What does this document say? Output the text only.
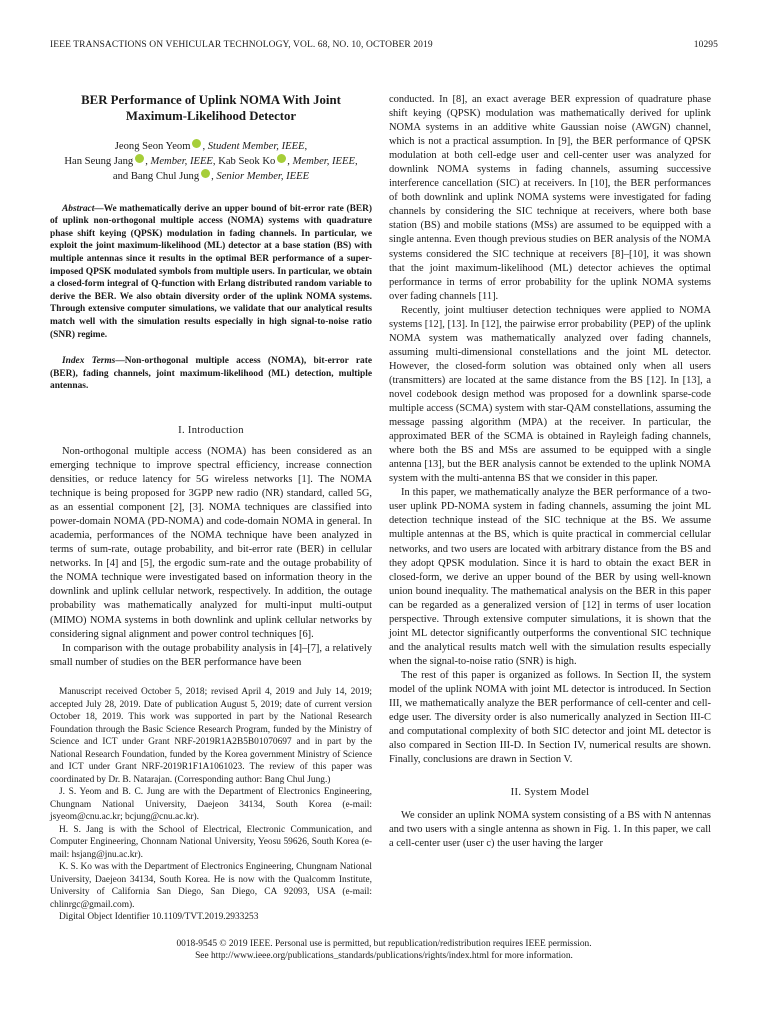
IEEE TRANSACTIONS ON VEHICULAR TECHNOLOGY, VOL. 68, NO. 10, OCTOBER 2019	10295
BER Performance of Uplink NOMA With Joint Maximum-Likelihood Detector
Jeong Seon Yeom , Student Member, IEEE,
Han Seung Jang , Member, IEEE, Kab Seok Ko , Member, IEEE,
and Bang Chul Jung , Senior Member, IEEE
Abstract—We mathematically derive an upper bound of bit-error rate (BER) of uplink non-orthogonal multiple access (NOMA) systems with quadrature phase shift keying (QPSK) modulation in fading channels. In particular, we exploit the joint maximum-likelihood (ML) detector at a base station (BS) with multiple antennas since it results in the optimal BER performance of a super-imposed QPSK modulated symbols from multiple users. In particular, we obtain a closed-form integral of Q-function with Erlang distributed random variable to derive the BER. We also obtain diversity order of the uplink NOMA systems. Through extensive computer simulations, we validate that our analytical results match well with the simulation results especially in high signal-to-noise ratio (SNR) regime.
Index Terms—Non-orthogonal multiple access (NOMA), bit-error rate (BER), fading channels, joint maximum-likelihood (ML) detection, multiple antennas.
I. Introduction

Non-orthogonal multiple access (NOMA) has been considered as an emerging technique to improve spectral efficiency, increase connection densities, or reduce latency for 5G wireless networks [1]. The NOMA technique is being proposed for 3GPP new radio (NR) standard, called 5G, as an essential component [2], [3]. NOMA techniques are classified into power-domain NOMA (PD-NOMA) and code-domain NOMA in general. In academia, performances of the NOMA technique have been analyzed in terms of sum-rate, outage probability, and bit-error rate (BER) in cellular networks. In [4] and [5], the ergodic sum-rate and the outage probability of the NOMA technique were investigated based on information theory in the downlink and uplink cellular network, respectively. In addition, the outage probability was mathematically analyzed for multi-input multi-output (MIMO) NOMA systems in both downlink and uplink cellular networks by considering signal alignment and power control techniques [6].

In comparison with the outage probability analysis in [4]–[7], a relatively small number of studies on the BER performance have been

Manuscript received October 5, 2018; revised April 4, 2019 and July 14, 2019; accepted July 28, 2019. Date of publication August 5, 2019; date of current version October 18, 2019. This work was supported in part by the National Research Foundation through the Basic Science Research Program, funded by the Ministry of Science and ICT under Grant NRF-2019R1A2B5B01070697 and in part by the National Research Foundation, funded by the Korea government Ministry of Science and ICT under Grant NRF-2019R1F1A1061023. The review of this paper was coordinated by Dr. B. Natarajan. (Corresponding author: Bang Chul Jung.)

J. S. Yeom and B. C. Jung are with the Department of Electronics Engineering, Chungnam National University, Daejeon 34134, South Korea (e-mail: jsyeom@cnu.ac.kr; bcjung@cnu.ac.kr).

H. S. Jang is with the School of Electrical, Electronic Communication, and Computer Engineering, Chonnam National University, Yeosu 59626, South Korea (e-mail: hsjang@jnu.ac.kr).

K. S. Ko was with the Department of Electronics Engineering, Chungnam National University, Daejeon 34134, South Korea. He is now with the Qualcomm Institute, University of California San Diego, San Diego, CA 92093, USA (e-mail: chlinrgc@gmail.com).

Digital Object Identifier 10.1109/TVT.2019.2933253

conducted. In [8], an exact average BER expression of quadrature phase shift keying (QPSK) modulation was mathematically derived for uplink NOMA systems in an additive white Gaussian noise (AWGN) channel, which is not a practical assumption. In [9], the BER performance of QPSK modulation at both cell-edge user and cell-center user was analyzed for downlink NOMA systems in fading channels, assuming successive interference cancellation (SIC) at receivers. In [10], the BER performances of both downlink and uplink NOMA systems were investigated for fading channels by considering the SIC technique at receivers, where both base station (BS) and mobile stations (MSs) are assumed to be equipped with a single antenna. Even though previous studies on BER analysis of the NOMA systems considered the SIC technique at receivers [8]–[10], it was shown that the joint maximum-likelihood (ML) detector achieves the optimal performance in terms of error probability for the uplink NOMA systems over fading channels [11].

Recently, joint multiuser detection techniques were applied to NOMA systems [12], [13]. In [12], the pairwise error probability (PEP) of the uplink NOMA system was mathematically analyzed over fading channels, assuming multi-dimensional constellations and the joint ML detector. However, the closed-form solution was obtained only when all users (transmitters) are located at the same distance from the BS [12]. In [13], a novel codebook design method was proposed for a downlink sparse-code multiple access (SCMA) system with star-QAM constellations, assuming the message passing algorithm (MPA) at the receiver. In particular, the approximated BER of the SCMA is obtained in Rayleigh fading channels, where both the BS and MSs are assumed to be equipped with a single antenna [13], but the BER analysis cannot be extended to the uplink NOMA system with the multi-antenna BS that we consider in this paper.

In this paper, we mathematically analyze the BER performance of a two-user uplink PD-NOMA system in fading channels, assuming the joint ML detection technique instead of the SIC technique at the BS. We assume multiple antennas at the BS, which is quite practical in commercial cellular networks, and two users are located with arbitrary distance from the BS and they adopt QPSK modulation. Since it is hard to obtain the exact BER in closed-form, we derive an upper bound of the BER by using well-known union bound inequality. The mathematical analysis on the BER in this paper can be regarded as a generalized version of [12] in terms of user location perspective. Through extensive computer simulations, it is shown that the joint ML detector significantly outperforms the conventional SIC technique and the analytical results match well with the simulation results especially when the signal-to-noise ratio (SNR) is high.

The rest of this paper is organized as follows. In Section II, the system model of the uplink NOMA with joint ML detector is introduced. In Section III, we mathematically analyze the BER performance of cell-center and cell-edge user. The diversity order is also numerically analyzed in Section III-C and computational complexity of both SIC detector and joint ML detector is also compared in Section III-D. In Section IV, numerical results are shown. Finally, conclusions are drawn in Section V.

II. System Model

We consider an uplink NOMA system consisting of a BS with N antennas and two users with a single antenna as shown in Fig. 1. In this paper, we call a cell-center user (user c) the user having the larger

0018-9545 © 2019 IEEE. Personal use is permitted, but republication/redistribution requires IEEE permission.
See http://www.ieee.org/publications_standards/publications/rights/index.html for more information.
